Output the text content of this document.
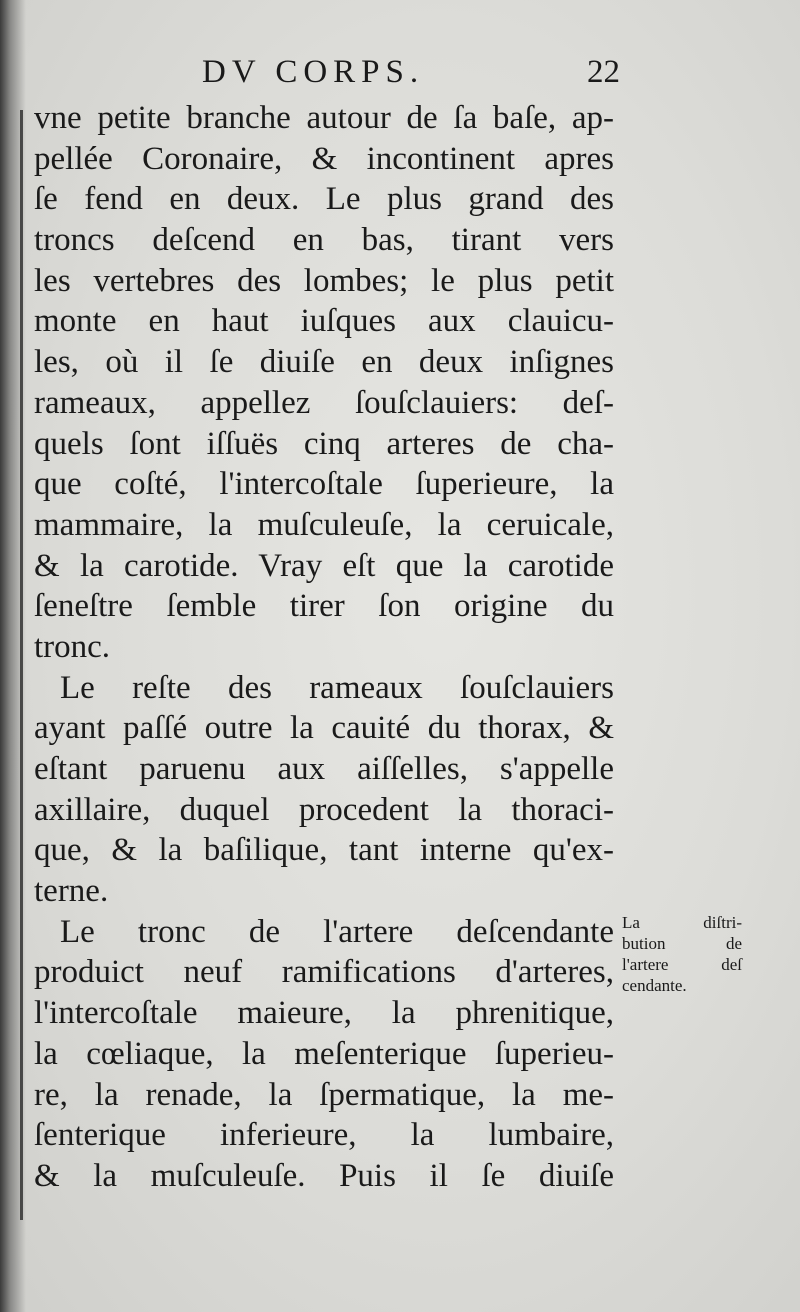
DV CORPS.	22
vne petite branche autour de ſa baſe, ap-
pellée Coronaire, & incontinent apres
ſe fend en deux. Le plus grand des
troncs deſcend en bas, tirant vers
les vertebres des lombes; le plus petit
monte en haut iuſques aux clauicu-
les, où il ſe diuiſe en deux inſignes
rameaux, appellez ſouſclauiers: deſ-
quels ſont iſſuës cinq arteres de cha-
que coſté, l'intercoſtale ſuperieure, la
mammaire, la muſculeuſe, la ceruicale,
& la carotide. Vray eſt que la carotide
ſeneſtre ſemble tirer ſon origine du
tronc.
Le reſte des rameaux ſouſclauiers
ayant paſſé outre la cauité du thorax, &
eſtant paruenu aux aiſſelles, s'appelle
axillaire, duquel procedent la thoraci-
que, & la baſilique, tant interne qu'ex-
terne.
Le tronc de l'artere deſcendante
produict neuf ramifications d'arteres,
l'intercoſtale maieure, la phrenitique,
la cœliaque, la meſenterique ſuperieu-
re, la renade, la ſpermatique, la me-
ſenterique inferieure, la lumbaire,
& la muſculeuſe. Puis il ſe diuiſe
La diſtri-
bution de
l'artere deſ
cendante.
